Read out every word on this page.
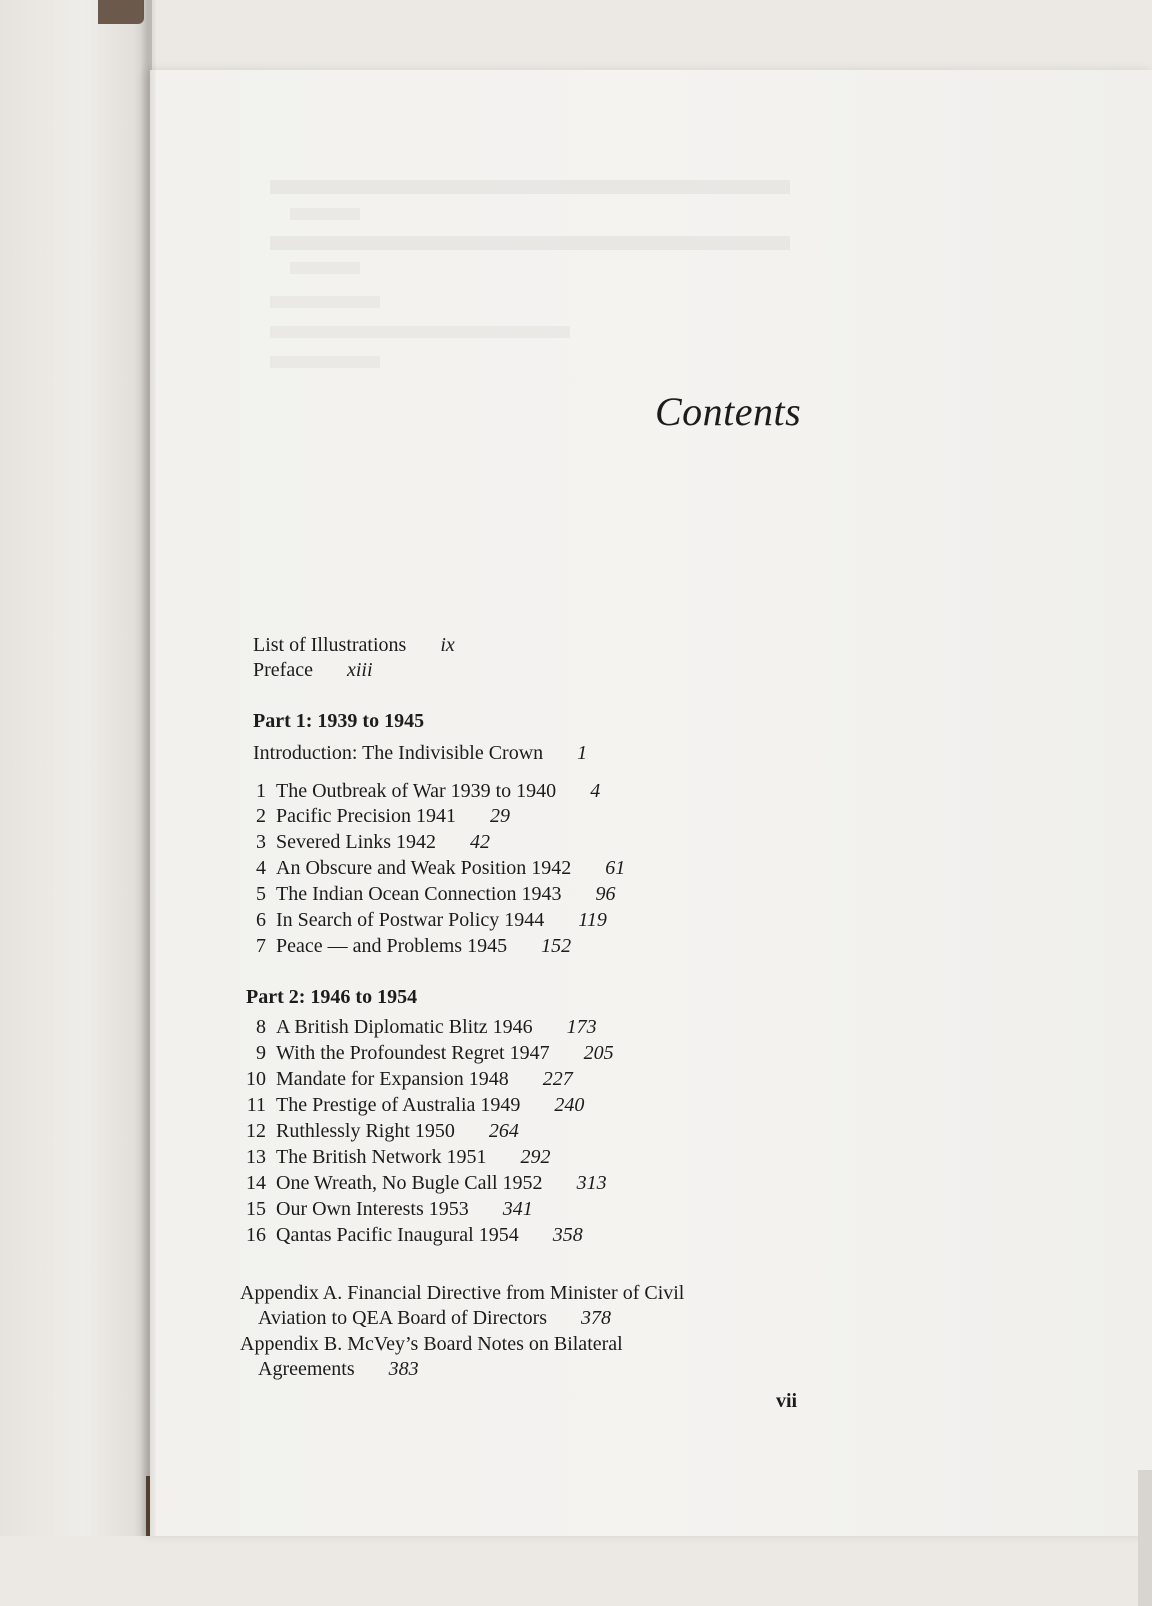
Contents
List of Illustrations ix
Preface xiii
Part 1: 1939 to 1945
Introduction: The Indivisible Crown 1
1 The Outbreak of War 1939 to 1940 4
2 Pacific Precision 1941 29
3 Severed Links 1942 42
4 An Obscure and Weak Position 1942 61
5 The Indian Ocean Connection 1943 96
6 In Search of Postwar Policy 1944 119
7 Peace — and Problems 1945 152
Part 2: 1946 to 1954
8 A British Diplomatic Blitz 1946 173
9 With the Profoundest Regret 1947 205
10 Mandate for Expansion 1948 227
11 The Prestige of Australia 1949 240
12 Ruthlessly Right 1950 264
13 The British Network 1951 292
14 One Wreath, No Bugle Call 1952 313
15 Our Own Interests 1953 341
16 Qantas Pacific Inaugural 1954 358
Appendix A. Financial Directive from Minister of Civil
Aviation to QEA Board of Directors 378
Appendix B. McVey’s Board Notes on Bilateral
Agreements 383
vii
